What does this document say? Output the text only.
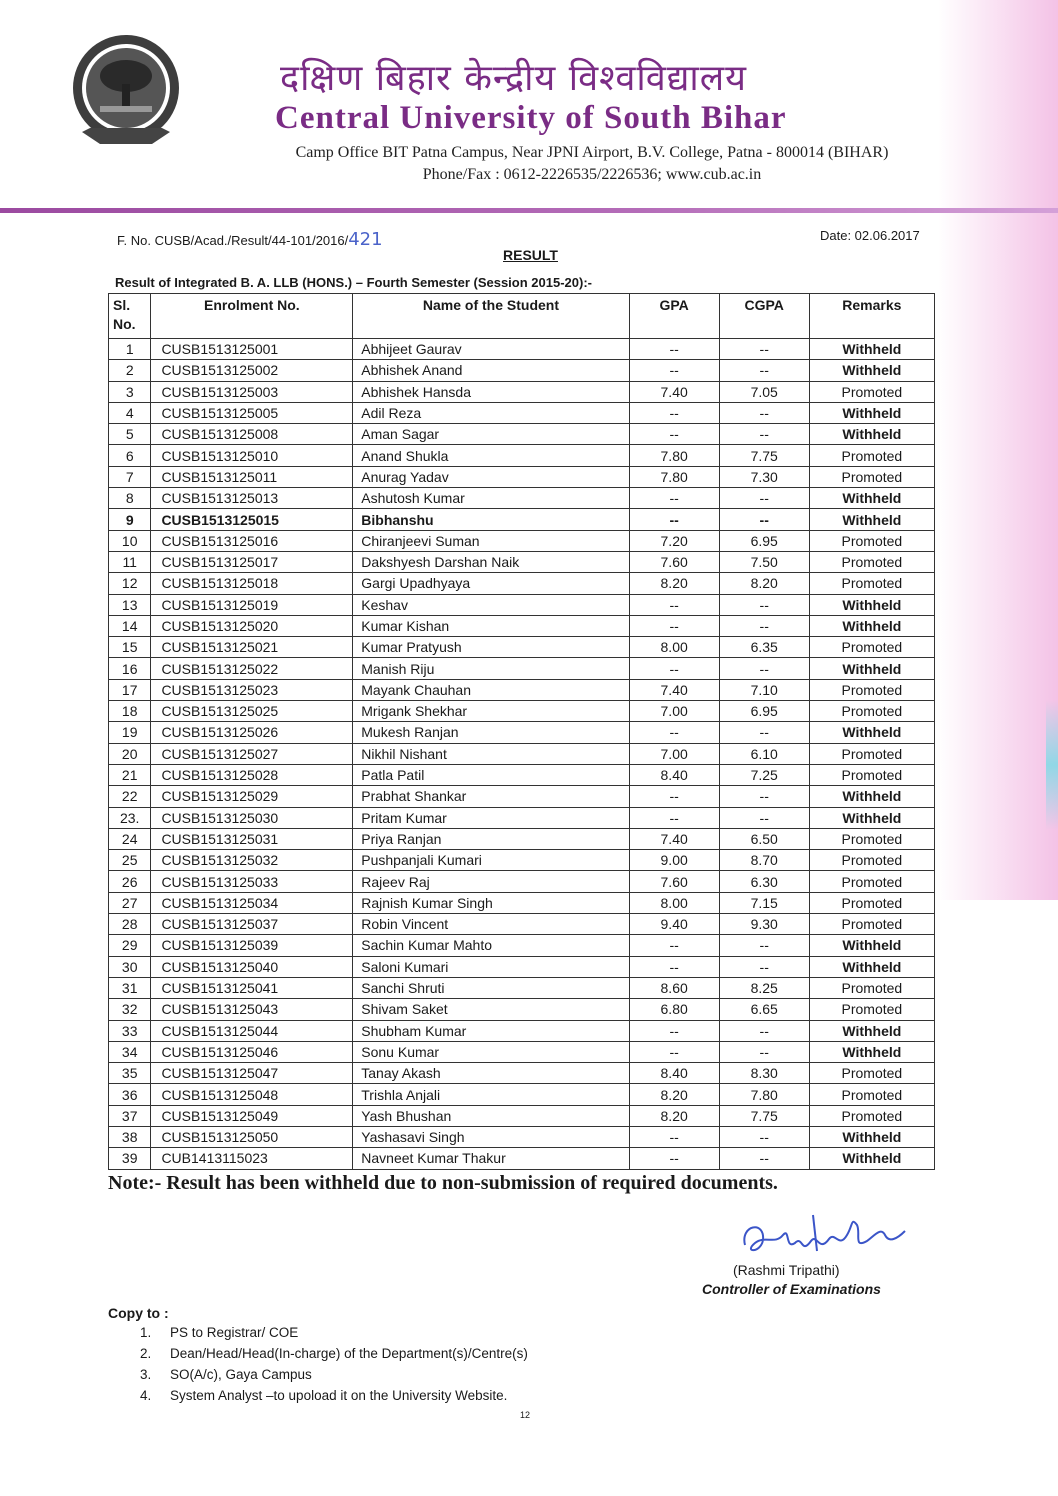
दक्षिण बिहार केन्द्रीय विश्वविद्यालय
Central University of South Bihar
Camp Office BIT Patna Campus, Near JPNI Airport, B.V. College, Patna - 800014 (BIHAR)
Phone/Fax : 0612-2226535/2226536; www.cub.ac.in
F. No. CUSB/Acad./Result/44-101/2016/421	Date: 02.06.2017
RESULT
Result of Integrated B. A. LLB (HONS.) – Fourth Semester (Session 2015-20):-
Sl. No.	Enrolment No.	Name of the Student	GPA	CGPA	Remarks
1	CUSB1513125001	Abhijeet Gaurav	--	--	Withheld
2	CUSB1513125002	Abhishek Anand	--	--	Withheld
3	CUSB1513125003	Abhishek Hansda	7.40	7.05	Promoted
4	CUSB1513125005	Adil Reza	--	--	Withheld
5	CUSB1513125008	Aman Sagar	--	--	Withheld
6	CUSB1513125010	Anand Shukla	7.80	7.75	Promoted
7	CUSB1513125011	Anurag Yadav	7.80	7.30	Promoted
8	CUSB1513125013	Ashutosh Kumar	--	--	Withheld
9	CUSB1513125015	Bibhanshu	--	--	Withheld
10	CUSB1513125016	Chiranjeevi Suman	7.20	6.95	Promoted
11	CUSB1513125017	Dakshyesh Darshan Naik	7.60	7.50	Promoted
12	CUSB1513125018	Gargi Upadhyaya	8.20	8.20	Promoted
13	CUSB1513125019	Keshav	--	--	Withheld
14	CUSB1513125020	Kumar Kishan	--	--	Withheld
15	CUSB1513125021	Kumar Pratyush	8.00	6.35	Promoted
16	CUSB1513125022	Manish Riju	--	--	Withheld
17	CUSB1513125023	Mayank Chauhan	7.40	7.10	Promoted
18	CUSB1513125025	Mrigank Shekhar	7.00	6.95	Promoted
19	CUSB1513125026	Mukesh Ranjan	--	--	Withheld
20	CUSB1513125027	Nikhil Nishant	7.00	6.10	Promoted
21	CUSB1513125028	Patla Patil	8.40	7.25	Promoted
22	CUSB1513125029	Prabhat Shankar	--	--	Withheld
23.	CUSB1513125030	Pritam Kumar	--	--	Withheld
24	CUSB1513125031	Priya Ranjan	7.40	6.50	Promoted
25	CUSB1513125032	Pushpanjali Kumari	9.00	8.70	Promoted
26	CUSB1513125033	Rajeev Raj	7.60	6.30	Promoted
27	CUSB1513125034	Rajnish Kumar Singh	8.00	7.15	Promoted
28	CUSB1513125037	Robin Vincent	9.40	9.30	Promoted
29	CUSB1513125039	Sachin Kumar Mahto	--	--	Withheld
30	CUSB1513125040	Saloni Kumari	--	--	Withheld
31	CUSB1513125041	Sanchi Shruti	8.60	8.25	Promoted
32	CUSB1513125043	Shivam Saket	6.80	6.65	Promoted
33	CUSB1513125044	Shubham Kumar	--	--	Withheld
34	CUSB1513125046	Sonu Kumar	--	--	Withheld
35	CUSB1513125047	Tanay Akash	8.40	8.30	Promoted
36	CUSB1513125048	Trishla Anjali	8.20	7.80	Promoted
37	CUSB1513125049	Yash Bhushan	8.20	7.75	Promoted
38	CUSB1513125050	Yashasavi Singh	--	--	Withheld
39	CUB1413115023	Navneet Kumar Thakur	--	--	Withheld
Note:- Result has been withheld due to non-submission of required documents.
(Rashmi Tripathi)
Controller of Examinations
Copy to :
1. PS to Registrar/ COE
2. Dean/Head/Head(In-charge) of the Department(s)/Centre(s)
3. SO(A/c), Gaya Campus
4. System Analyst –to upoload it on the University Website.
12
